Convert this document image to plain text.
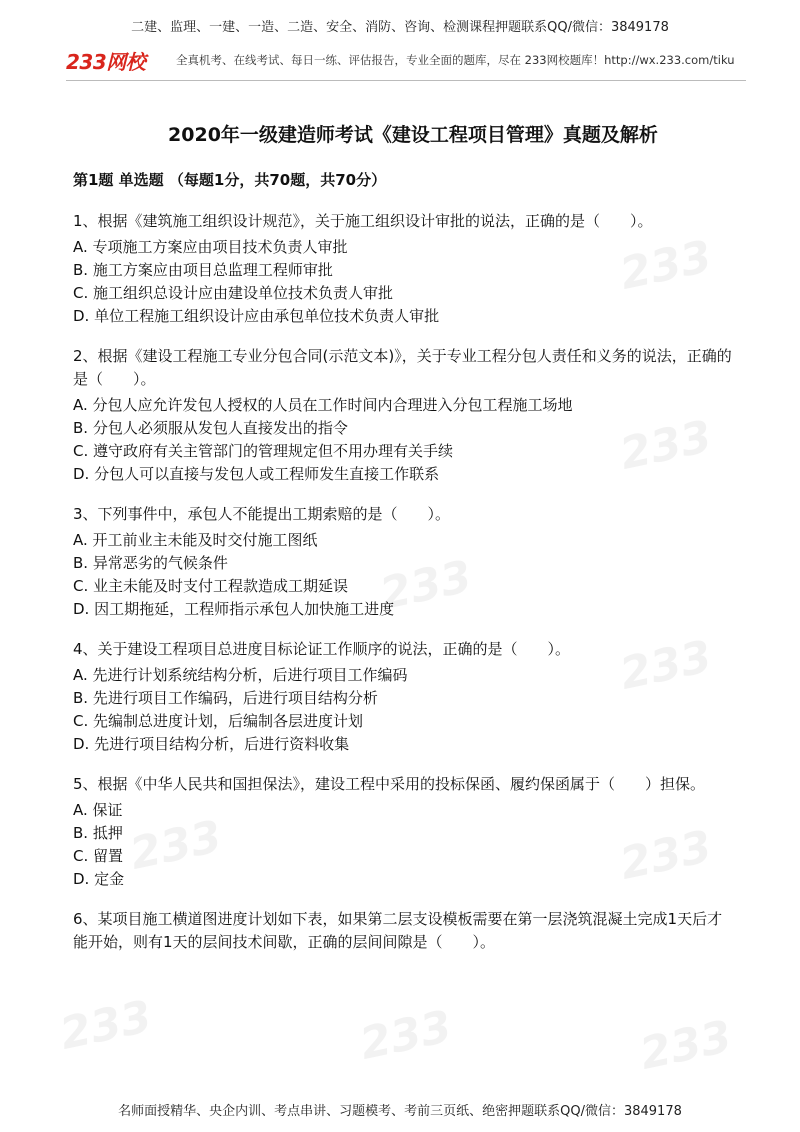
二建、监理、一建、一造、二造、安全、消防、咨询、检测课程押题联系QQ/微信：3849178
233网校	全真机考、在线考试、每日一练、评估报告，专业全面的题库，尽在 233网校题库！http://wx.233.com/tiku
233
233
233
233
233	233
233	233	233
2020年一级建造师考试《建设工程项目管理》真题及解析
第1题 单选题 （每题1分，共70题，共70分）
1、根据《建筑施工组织设计规范》，关于施工组织设计审批的说法，正确的是（　　）。
A. 专项施工方案应由项目技术负责人审批
B. 施工方案应由项目总监理工程师审批
C. 施工组织总设计应由建设单位技术负责人审批
D. 单位工程施工组织设计应由承包单位技术负责人审批
2、根据《建设工程施工专业分包合同(示范文本)》，关于专业工程分包人责任和义务的说法，正确的是（　　）。
A. 分包人应允许发包人授权的人员在工作时间内合理进入分包工程施工场地
B. 分包人必须服从发包人直接发出的指令
C. 遵守政府有关主管部门的管理规定但不用办理有关手续
D. 分包人可以直接与发包人或工程师发生直接工作联系
3、下列事件中，承包人不能提出工期索赔的是（　　）。
A. 开工前业主未能及时交付施工图纸
B. 异常恶劣的气候条件
C. 业主未能及时支付工程款造成工期延误
D. 因工期拖延，工程师指示承包人加快施工进度
4、关于建设工程项目总进度目标论证工作顺序的说法，正确的是（　　）。
A. 先进行计划系统结构分析，后进行项目工作编码
B. 先进行项目工作编码，后进行项目结构分析
C. 先编制总进度计划，后编制各层进度计划
D. 先进行项目结构分析，后进行资料收集
5、根据《中华人民共和国担保法》，建设工程中采用的投标保函、履约保函属于（　　）担保。
A. 保证
B. 抵押
C. 留置
D. 定金
6、某项目施工横道图进度计划如下表，如果第二层支设模板需要在第一层浇筑混凝土完成1天后才能开始，则有1天的层间技术间歇，正确的层间间隙是（　　）。
名师面授精华、央企内训、考点串讲、习题模考、考前三页纸、绝密押题联系QQ/微信：3849178
